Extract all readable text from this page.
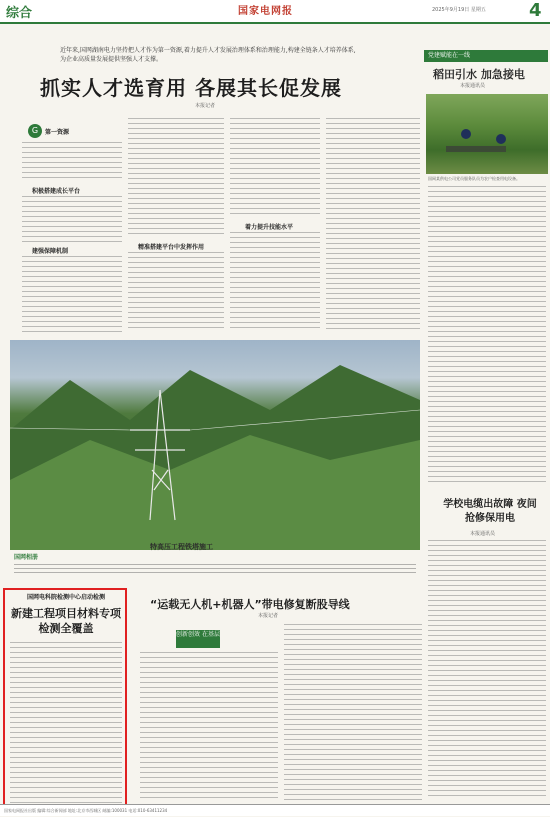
综合	国家电网报	2025年9月19日 星期五 4
近年来,国网湖南电力坚持把人才作为第一资源,着力提升人才发展治理体系和治理能力,构建全链条人才培养体系,为企业高质量发展提供坚强人才支撑。
抓实人才选育用 各展其长促发展
本报记者
G	第一资源
积极搭建成长平台
建强保障机制
精准搭建平台中发挥作用
着力提升技能水平
党建赋能在一线
稻田引水 加急接电
本报通讯员
国网某供电公司党员服务队员为农户检查用电设备。
国网相册
特高压工程铁塔施工
学校电缆出故障 夜间抢修保用电
本报通讯员
国网电科院检测中心启动检测
新建工程项目材料专项检测全覆盖
“运载无人机+机器人”带电修复断股导线
本报记者
创新创效 在基层
国家电网报社出版 编辑:综合新闻部 地址:北京市西城区 邮编:100031 电话:010-63411234
